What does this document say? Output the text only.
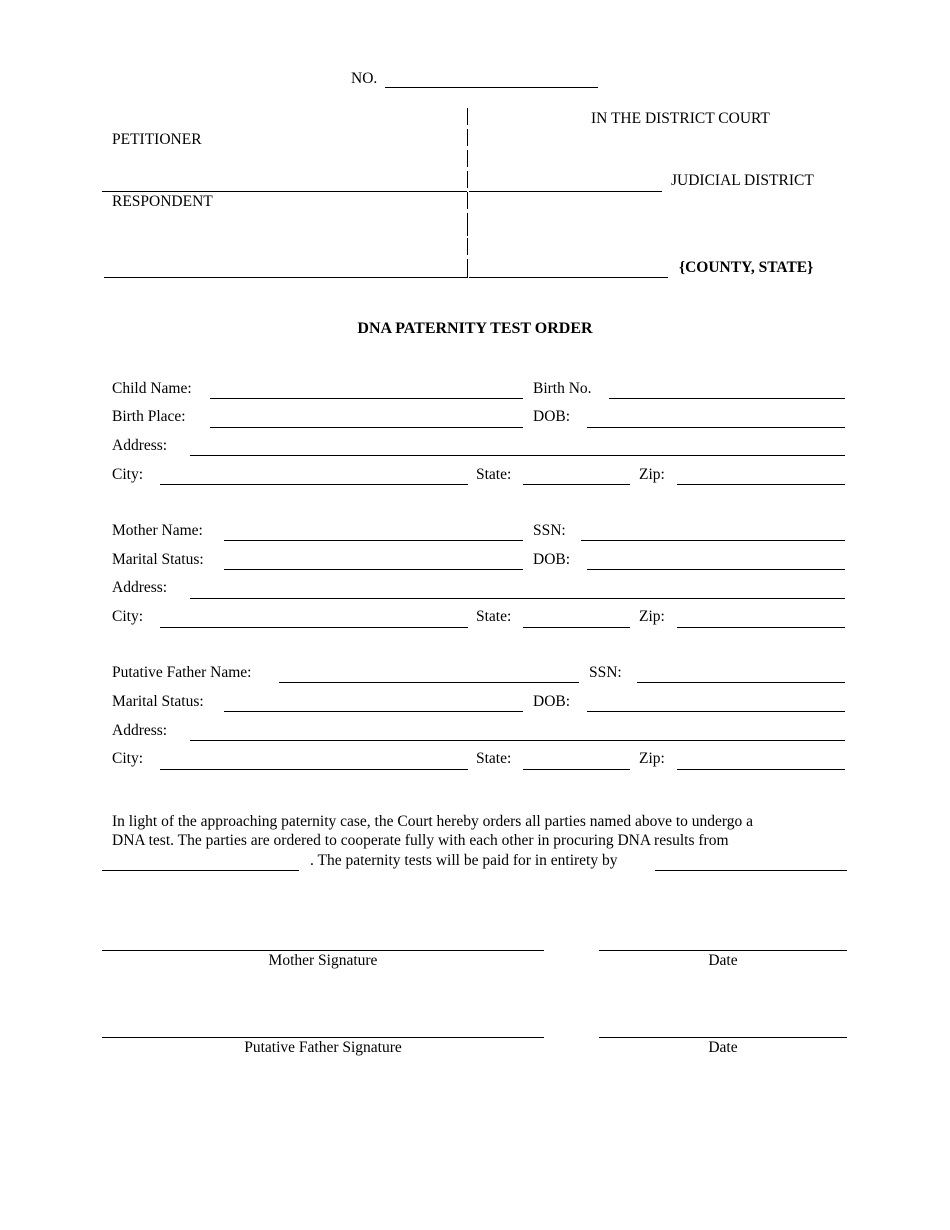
NO.
PETITIONER
RESPONDENT
IN THE DISTRICT COURT
JUDICIAL DISTRICT
{COUNTY, STATE}
DNA PATERNITY TEST ORDER
Child Name:	Birth No.
Birth Place:	DOB:
Address:
City:	State:	Zip:
Mother Name:	SSN:
Marital Status:	DOB:
Address:
City:	State:	Zip:
Putative Father Name:	SSN:
Marital Status:	DOB:
Address:
City:	State:	Zip:
In light of the approaching paternity case, the Court hereby orders all parties named above to undergo a
DNA test. The parties are ordered to cooperate fully with each other in procuring DNA results from
. The paternity tests will be paid for in entirety by
Mother Signature	Date
Putative Father Signature	Date
